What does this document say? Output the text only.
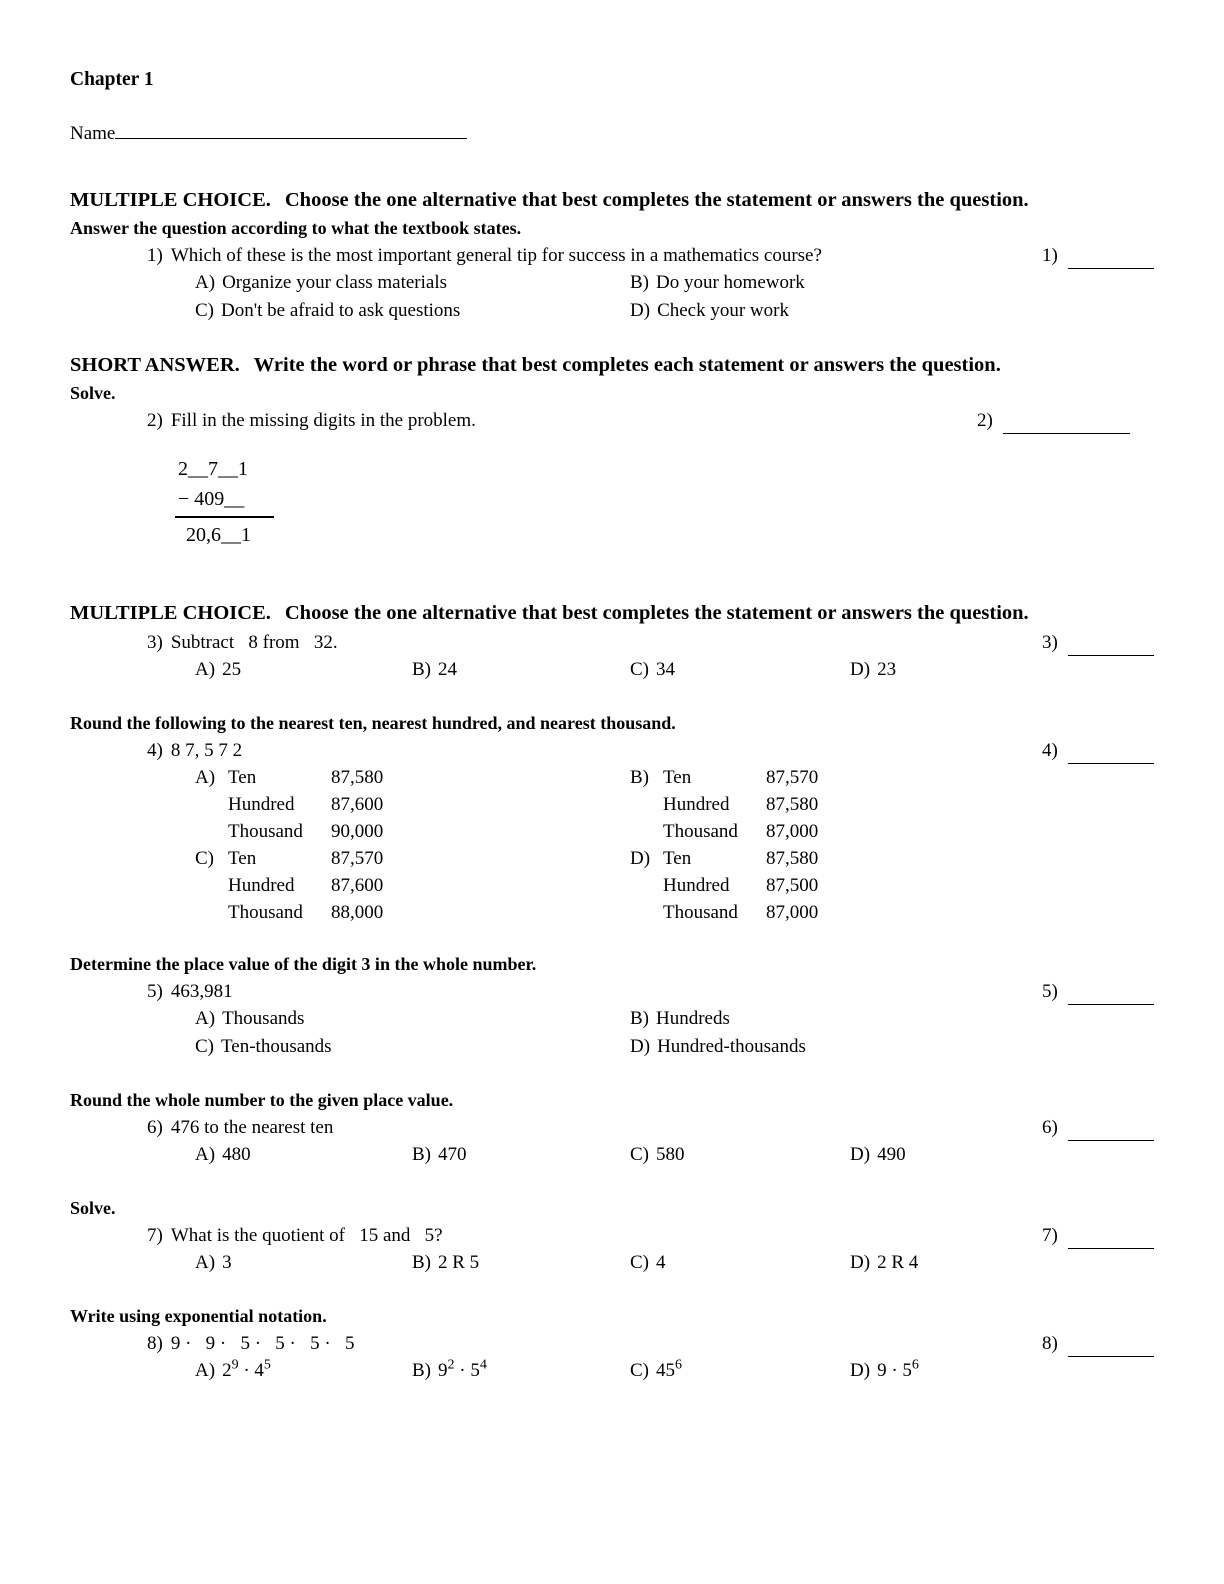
Chapter 1
Name
MULTIPLE CHOICE. Choose the one alternative that best completes the statement or answers the question.
Answer the question according to what the textbook states.
1) Which of these is the most important general tip for success in a mathematics course?	1)
A) Organize your class materials	B) Do your homework
C) Don't be afraid to ask questions	D) Check your work
SHORT ANSWER. Write the word or phrase that best completes each statement or answers the question.
Solve.
2) Fill in the missing digits in the problem.	2)
2__7__1
− 409__
20,6__1
MULTIPLE CHOICE. Choose the one alternative that best completes the statement or answers the question.
3) Subtract   8 from   32.	3)
A) 25	B) 24	C) 34	D) 23
Round the following to the nearest ten, nearest hundred, and nearest thousand.
4) 8 7, 5 7 2	4)
A) Ten	87,580
Hundred	87,600
Thousand	90,000
B) Ten	87,570
Hundred	87,580
Thousand	87,000
C) Ten	87,570
Hundred	87,600
Thousand	88,000
D) Ten	87,580
Hundred	87,500
Thousand	87,000
Determine the place value of the digit 3 in the whole number.
5) 463,981	5)
A) Thousands	B) Hundreds
C) Ten-thousands	D) Hundred-thousands
Round the whole number to the given place value.
6) 476 to the nearest ten	6)
A) 480	B) 470	C) 580	D) 490
Solve.
7) What is the quotient of   15 and   5?	7)
A) 3	B) 2 R 5	C) 4	D) 2 R 4
Write using exponential notation.
8) 9 ·   9 ·   5 ·   5 ·   5 ·   5	8)
A) $2^9 \cdot 4^5$	B) $9^2 \cdot 5^4$	C) $45^6$	D) $9 \cdot 5^6$
